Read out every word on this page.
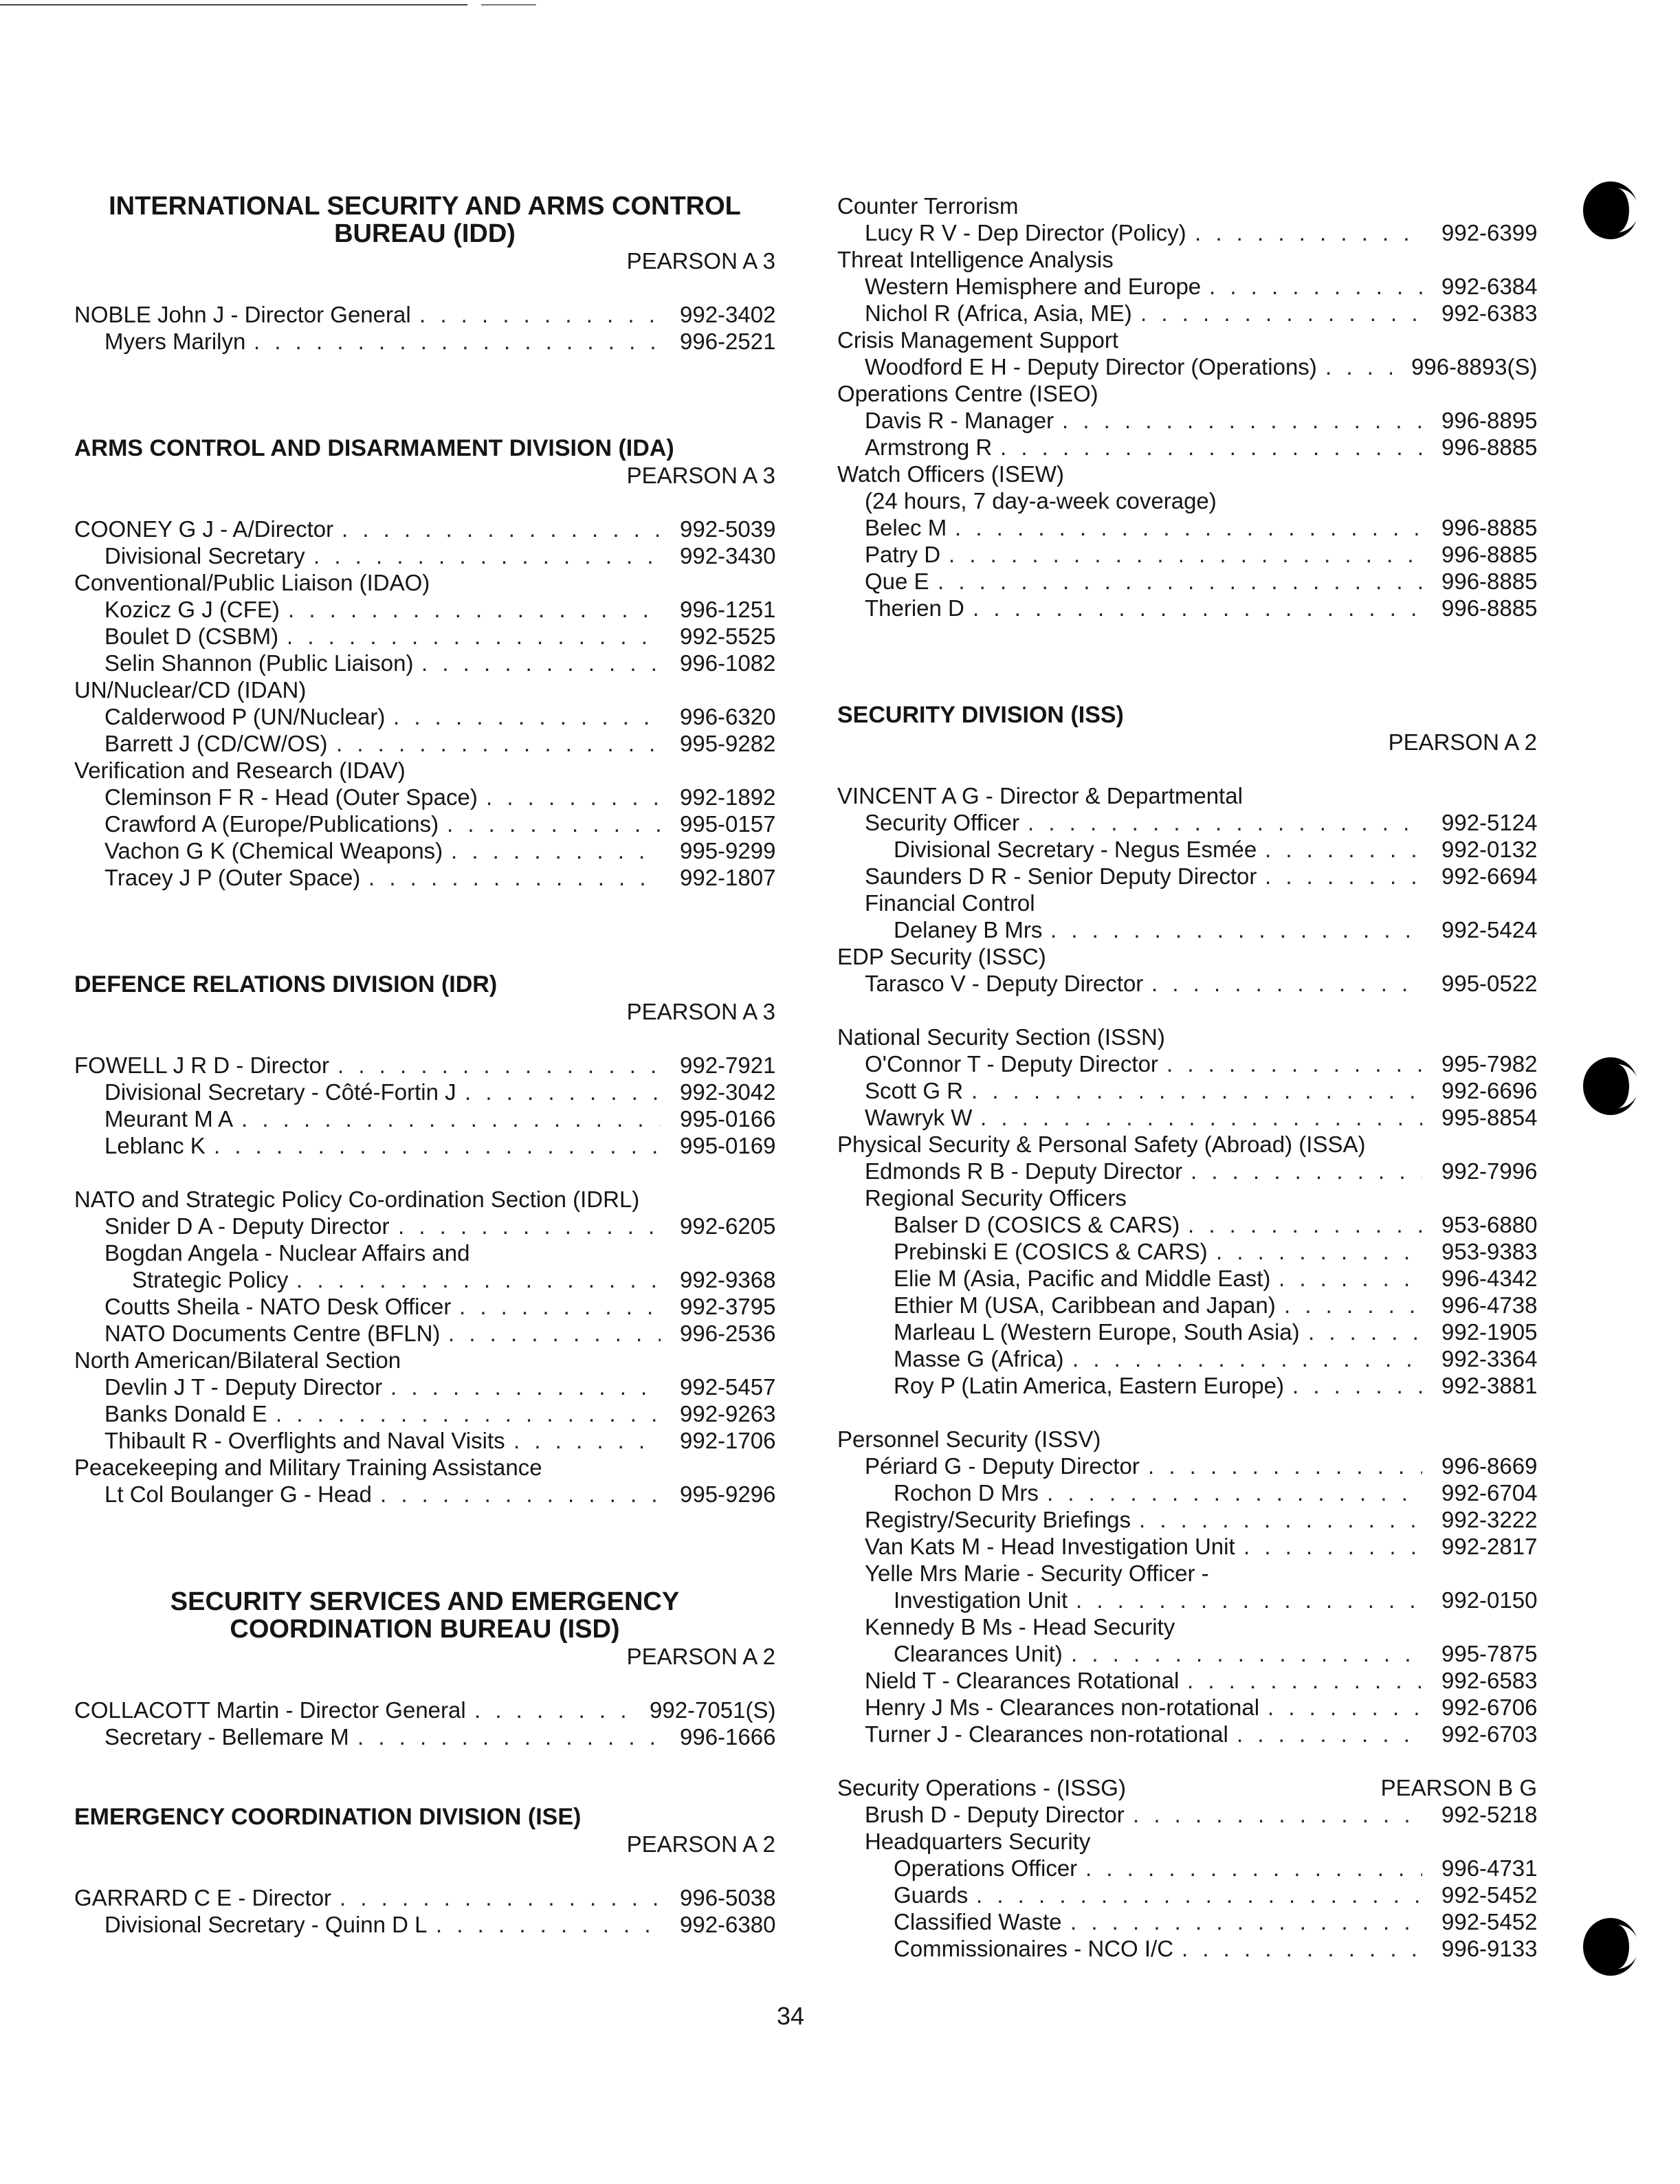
INTERNATIONAL SECURITY AND ARMS CONTROL
BUREAU (IDD)
PEARSON A 3
NOBLE John J - Director General . . .	992-3402
Myers Marilyn . . .	996-2521
ARMS CONTROL AND DISARMAMENT DIVISION (IDA)
PEARSON A 3
COONEY G J - A/Director . . .	992-5039
Divisional Secretary . . .	992-3430
Conventional/Public Liaison (IDAO)
Kozicz G J (CFE) . . .	996-1251
Boulet D (CSBM) . . .	992-5525
Selin Shannon (Public Liaison) . . .	996-1082
UN/Nuclear/CD (IDAN)
Calderwood P (UN/Nuclear) . . .	996-6320
Barrett J (CD/CW/OS) . . .	995-9282
Verification and Research (IDAV)
Cleminson F R - Head (Outer Space) . . .	992-1892
Crawford A (Europe/Publications) . . .	995-0157
Vachon G K (Chemical Weapons) . . .	995-9299
Tracey J P (Outer Space) . . .	992-1807
DEFENCE RELATIONS DIVISION (IDR)
PEARSON A 3
FOWELL J R D - Director . . .	992-7921
Divisional Secretary - Côté-Fortin J . . .	992-3042
Meurant M A . . .	995-0166
Leblanc K . . .	995-0169
NATO and Strategic Policy Co-ordination Section (IDRL)
Snider D A - Deputy Director . . .	992-6205
Bogdan Angela - Nuclear Affairs and
Strategic Policy . . .	992-9368
Coutts Sheila - NATO Desk Officer . . .	992-3795
NATO Documents Centre (BFLN) . . .	996-2536
North American/Bilateral Section
Devlin J T - Deputy Director . . .	992-5457
Banks Donald E . . .	992-9263
Thibault R - Overflights and Naval Visits . . .	992-1706
Peacekeeping and Military Training Assistance
Lt Col Boulanger G - Head . . .	995-9296
SECURITY SERVICES AND EMERGENCY
COORDINATION BUREAU (ISD)
PEARSON A 2
COLLACOTT Martin - Director General . . .	992-7051(S)
Secretary - Bellemare M . . .	996-1666
EMERGENCY COORDINATION DIVISION (ISE)
PEARSON A 2
GARRARD C E - Director . . .	996-5038
Divisional Secretary - Quinn D L . . .	992-6380
Counter Terrorism
Lucy R V - Dep Director (Policy) . . .	992-6399
Threat Intelligence Analysis
Western Hemisphere and Europe . . .	992-6384
Nichol R (Africa, Asia, ME) . . .	992-6383
Crisis Management Support
Woodford E H - Deputy Director (Operations) . . .	996-8893(S)
Operations Centre (ISEO)
Davis R - Manager . . .	996-8895
Armstrong R . . .	996-8885
Watch Officers (ISEW)
(24 hours, 7 day-a-week coverage)
Belec M . . .	996-8885
Patry D . . .	996-8885
Que E . . .	996-8885
Therien D . . .	996-8885
SECURITY DIVISION (ISS)
PEARSON A 2
VINCENT A G - Director & Departmental
Security Officer . . .	992-5124
Divisional Secretary - Negus Esmée . . .	992-0132
Saunders D R - Senior Deputy Director . . .	992-6694
Financial Control
Delaney B Mrs . . .	992-5424
EDP Security (ISSC)
Tarasco V - Deputy Director . . .	995-0522
National Security Section (ISSN)
O'Connor T - Deputy Director . . .	995-7982
Scott G R . . .	992-6696
Wawryk W . . .	995-8854
Physical Security & Personal Safety (Abroad) (ISSA)
Edmonds R B - Deputy Director . . .	992-7996
Regional Security Officers
Balser D (COSICS & CARS) . . .	953-6880
Prebinski E (COSICS & CARS) . . .	953-9383
Elie M (Asia, Pacific and Middle East) . . .	996-4342
Ethier M (USA, Caribbean and Japan) . . .	996-4738
Marleau L (Western Europe, South Asia) . . .	992-1905
Masse G (Africa) . . .	992-3364
Roy P (Latin America, Eastern Europe) . . .	992-3881
Personnel Security (ISSV)
Périard G - Deputy Director . . .	996-8669
Rochon D Mrs . . .	992-6704
Registry/Security Briefings . . .	992-3222
Van Kats M - Head Investigation Unit . . .	992-2817
Yelle Mrs Marie - Security Officer -
Investigation Unit . . .	992-0150
Kennedy B Ms - Head Security
Clearances Unit) . . .	995-7875
Nield T - Clearances Rotational . . .	992-6583
Henry J Ms - Clearances non-rotational . . .	992-6706
Turner J - Clearances non-rotational . . .	992-6703
Security Operations - (ISSG)	PEARSON B G
Brush D - Deputy Director . . .	992-5218
Headquarters Security
Operations Officer . . .	996-4731
Guards . . .	992-5452
Classified Waste . . .	992-5452
Commissionaires - NCO I/C . . .	996-9133
34
